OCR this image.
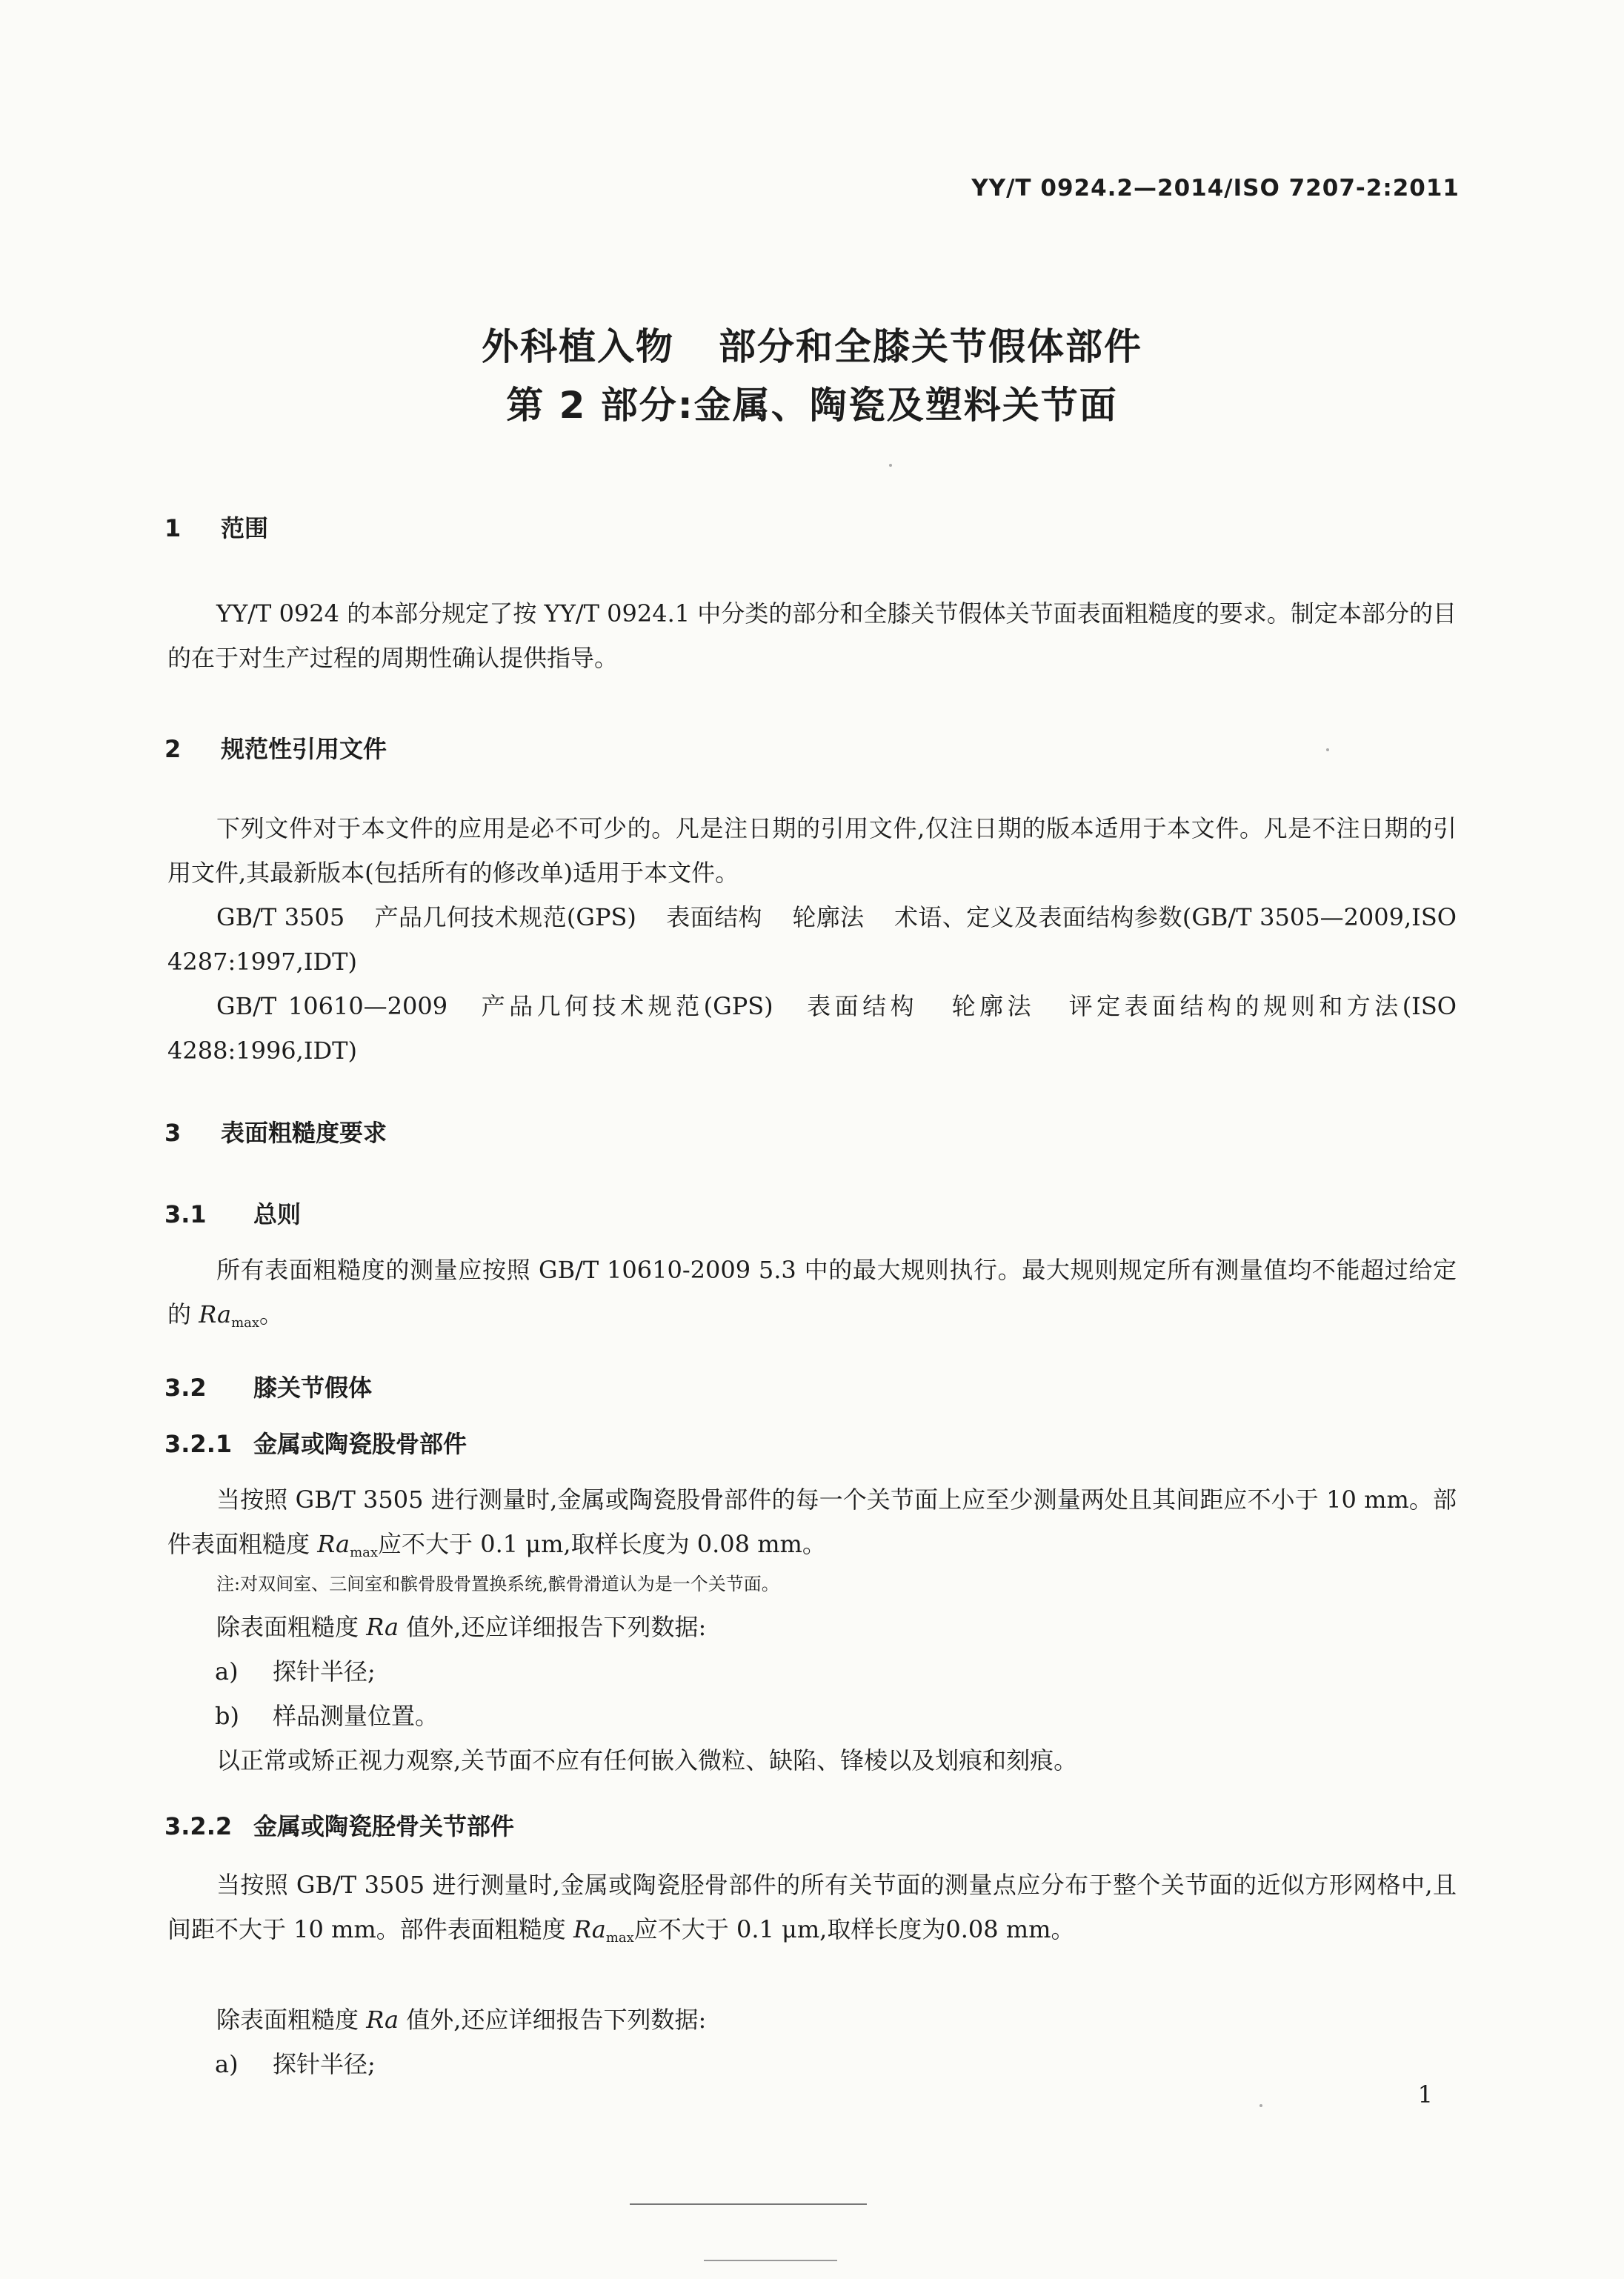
YY/T 0924.2—2014/ISO 7207-2:2011
外科植入物 部分和全膝关节假体部件
第 2 部分:金属、陶瓷及塑料关节面
1 范围
YY/T 0924 的本部分规定了按 YY/T 0924.1 中分类的部分和全膝关节假体关节面表面粗糙度的要求。制定本部分的目的在于对生产过程的周期性确认提供指导。
2 规范性引用文件
下列文件对于本文件的应用是必不可少的。凡是注日期的引用文件,仅注日期的版本适用于本文件。凡是不注日期的引用文件,其最新版本(包括所有的修改单)适用于本文件。
GB/T 3505 产品几何技术规范(GPS) 表面结构 轮廓法 术语、定义及表面结构参数(GB/T 3505—2009,ISO 4287:1997,IDT)
GB/T 10610—2009 产品几何技术规范(GPS) 表面结构 轮廓法 评定表面结构的规则和方法(ISO 4288:1996,IDT)
3 表面粗糙度要求
3.1 总则
所有表面粗糙度的测量应按照 GB/T 10610-2009 5.3 中的最大规则执行。最大规则规定所有测量值均不能超过给定的 $Ra_{max}$。
3.2 膝关节假体
3.2.1 金属或陶瓷股骨部件
当按照 GB/T 3505 进行测量时,金属或陶瓷股骨部件的每一个关节面上应至少测量两处且其间距应不小于 10 mm。部件表面粗糙度 $Ra_{max}$应不大于 0.1 μm,取样长度为 0.08 mm。
注:对双间室、三间室和髌骨股骨置换系统,髌骨滑道认为是一个关节面。
除表面粗糙度 Ra 值外,还应详细报告下列数据:
a) 探针半径;
b) 样品测量位置。
以正常或矫正视力观察,关节面不应有任何嵌入微粒、缺陷、锋棱以及划痕和刻痕。
3.2.2 金属或陶瓷胫骨关节部件
当按照 GB/T 3505 进行测量时,金属或陶瓷胫骨部件的所有关节面的测量点应分布于整个关节面的近似方形网格中,且间距不大于 10 mm。部件表面粗糙度 $Ra_{max}$应不大于 0.1 μm,取样长度为0.08 mm。
除表面粗糙度 Ra 值外,还应详细报告下列数据:
a) 探针半径;
1
